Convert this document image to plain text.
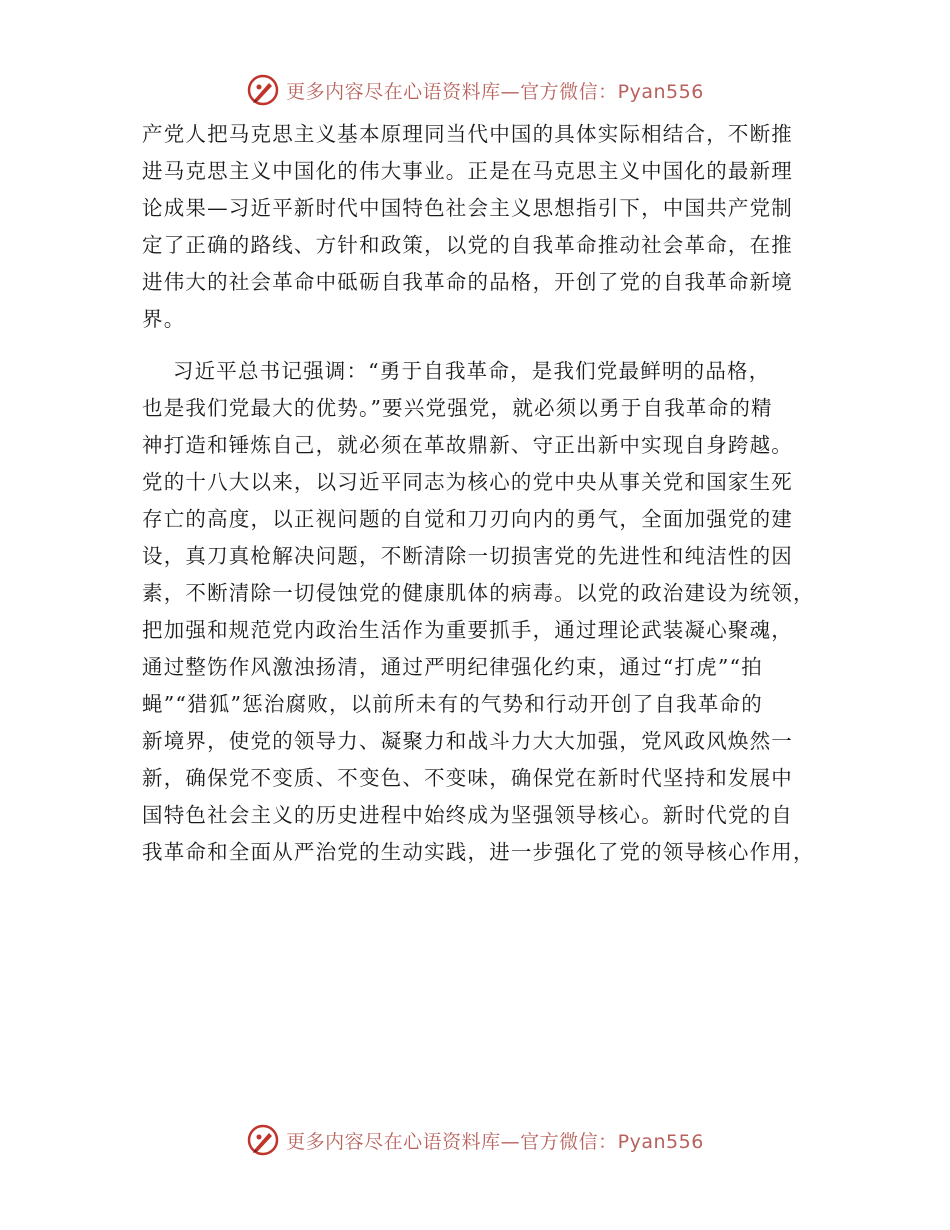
更多内容尽在心语资料库—官方微信：Pyan556
产党人把马克思主义基本原理同当代中国的具体实际相结合，不断推
进马克思主义中国化的伟大事业。正是在马克思主义中国化的最新理
论成果—习近平新时代中国特色社会主义思想指引下，中国共产党制
定了正确的路线、方针和政策，以党的自我革命推动社会革命，在推
进伟大的社会革命中砥砺自我革命的品格，开创了党的自我革命新境
界。
习近平总书记强调：“勇于自我革命，是我们党最鲜明的品格，
也是我们党最大的优势。”要兴党强党，就必须以勇于自我革命的精
神打造和锤炼自己，就必须在革故鼎新、守正出新中实现自身跨越。
党的十八大以来，以习近平同志为核心的党中央从事关党和国家生死
存亡的高度，以正视问题的自觉和刀刃向内的勇气，全面加强党的建
设，真刀真枪解决问题，不断清除一切损害党的先进性和纯洁性的因
素，不断清除一切侵蚀党的健康肌体的病毒。以党的政治建设为统领，
把加强和规范党内政治生活作为重要抓手，通过理论武装凝心聚魂，
通过整饬作风激浊扬清，通过严明纪律强化约束，通过“打虎”“拍
蝇”“猎狐”惩治腐败，以前所未有的气势和行动开创了自我革命的
新境界，使党的领导力、凝聚力和战斗力大大加强，党风政风焕然一
新，确保党不变质、不变色、不变味，确保党在新时代坚持和发展中
国特色社会主义的历史进程中始终成为坚强领导核心。新时代党的自
我革命和全面从严治党的生动实践，进一步强化了党的领导核心作用，
更多内容尽在心语资料库—官方微信：Pyan556
